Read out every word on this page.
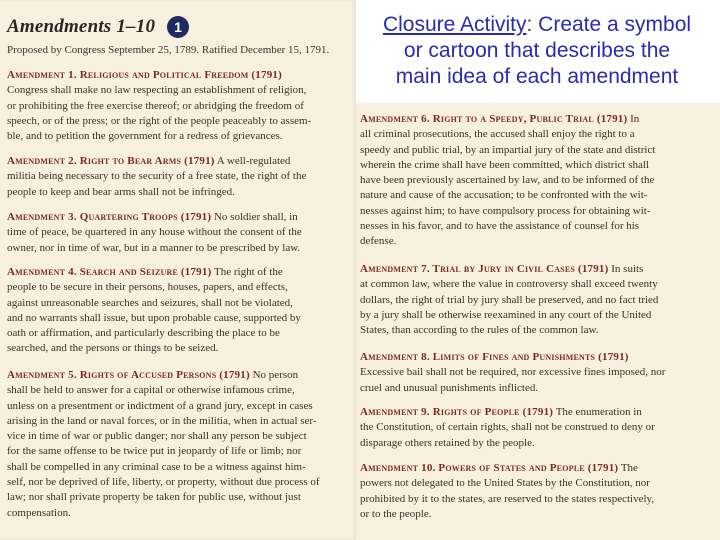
Amendments 1–10	1
Proposed by Congress September 25, 1789. Ratified December 15, 1791.
Closure Activity: Create a symbol
or cartoon that describes the
main idea of each amendment
Amendment 1. Religious and Political Freedom (1791)
Congress shall make no law respecting an establishment of religion,
or prohibiting the free exercise thereof; or abridging the freedom of
speech, or of the press; or the right of the people peaceably to assem-
ble, and to petition the government for a redress of grievances.
Amendment 2. Right to Bear Arms (1791) A well-regulated
militia being necessary to the security of a free state, the right of the
people to keep and bear arms shall not be infringed.
Amendment 3. Quartering Troops (1791) No soldier shall, in
time of peace, be quartered in any house without the consent of the
owner, nor in time of war, but in a manner to be prescribed by law.
Amendment 4. Search and Seizure (1791) The right of the
people to be secure in their persons, houses, papers, and effects,
against unreasonable searches and seizures, shall not be violated,
and no warrants shall issue, but upon probable cause, supported by
oath or affirmation, and particularly describing the place to be
searched, and the persons or things to be seized.
Amendment 5. Rights of Accused Persons (1791) No person
shall be held to answer for a capital or otherwise infamous crime,
unless on a presentment or indictment of a grand jury, except in cases
arising in the land or naval forces, or in the militia, when in actual ser-
vice in time of war or public danger; nor shall any person be subject
for the same offense to be twice put in jeopardy of life or limb; nor
shall be compelled in any criminal case to be a witness against him-
self, nor be deprived of life, liberty, or property, without due process of
law; nor shall private property be taken for public use, without just
compensation.
Amendment 6. Right to a Speedy, Public Trial (1791) In
all criminal prosecutions, the accused shall enjoy the right to a
speedy and public trial, by an impartial jury of the state and district
wherein the crime shall have been committed, which district shall
have been previously ascertained by law, and to be informed of the
nature and cause of the accusation; to be confronted with the wit-
nesses against him; to have compulsory process for obtaining wit-
nesses in his favor, and to have the assistance of counsel for his
defense.
Amendment 7. Trial by Jury in Civil Cases (1791) In suits
at common law, where the value in controversy shall exceed twenty
dollars, the right of trial by jury shall be preserved, and no fact tried
by a jury shall be otherwise reexamined in any court of the United
States, than according to the rules of the common law.
Amendment 8. Limits of Fines and Punishments (1791)
Excessive bail shall not be required, nor excessive fines imposed, nor
cruel and unusual punishments inflicted.
Amendment 9. Rights of People (1791) The enumeration in
the Constitution, of certain rights, shall not be construed to deny or
disparage others retained by the people.
Amendment 10. Powers of States and People (1791) The
powers not delegated to the United States by the Constitution, nor
prohibited by it to the states, are reserved to the states respectively,
or to the people.
